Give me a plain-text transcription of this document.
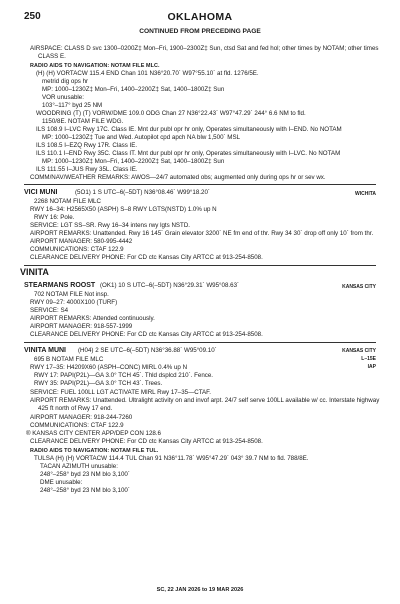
250	OKLAHOMA
CONTINUED FROM PRECEDING PAGE
AIRSPACE: CLASS D svc 1300–0200Z‡ Mon–Fri, 1900–2300Z‡ Sun, ctsd Sat and fed hol; other times by NOTAM; other times
CLASS E.
RADIO AIDS TO NAVIGATION: NOTAM FILE MLC.
(H) (H) VORTACW 115.4 END Chan 101 N36°20.70´ W97°55.10´ at fld. 1276/5E.
metrid dig ops hr
MP: 1000–1230Z‡ Mon–Fri, 1400–2200Z‡ Sat, 1400–1800Z‡ Sun
VOR unusable:
103°–117° byd 25 NM
WOODRING (T) (T) VORW/DME 109.0 ODG Chan 27 N36°22.43´ W97°47.29´ 244° 6.6 NM to fld.
1150/8E. NOTAM FILE WDG.
ILS 108.9 I–LVC Rwy 17C. Class IE. Mnt dur publ opr hr only, Operates simultaneously with I–END. No NOTAM
MP: 1000–1230Z‡ Tue and Wed. Autopilot cpd apch NA blw 1,500´ MSL
ILS 108.5 I–EZQ Rwy 17R. Class IE.
ILS 110.1 I–END Rwy 35C. Class IT. Mnt dur publ opr hr only, Operates simultaneously with I–LVC. No NOTAM
MP: 1000–1230Z‡ Mon–Fri, 1400–2200Z‡ Sat, 1400–1800Z‡ Sun
ILS 111.55 I–JUS Rwy 35L. Class IE.
COMM/NAV/WEATHER REMARKS: AWOS—24/7 automated obs; augmented only during ops hr or sev wx.
VICI MUNI	(5O1) 1 S UTC–6(–5DT) N36°08.46´ W99°18.20´	WICHITA
2268 NOTAM FILE MLC
RWY 16–34: H2565X50 (ASPH) S–8 RWY LGTS(NSTD) 1.0% up N
RWY 16: Pole.
SERVICE: LGT SS–SR. Rwy 16–34 intens rwy lgts NSTD.
AIRPORT REMARKS: Unattended. Rwy 16 145´ Grain elevator 3200´ NE fm end of thr. Rwy 34 30´ drop off only 10´ from thr.
AIRPORT MANAGER: 580-995-4442
COMMUNICATIONS: CTAF 122.9
CLEARANCE DELIVERY PHONE: For CD ctc Kansas City ARTCC at 913-254-8508.
VINITA
STEARMANS ROOST (OK1) 10 S UTC–6(–5DT) N36°29.31´ W95°08.63´	KANSAS CITY
702 NOTAM FILE Not insp.
RWY 09–27: 4000X100 (TURF)
SERVICE: S4
AIRPORT REMARKS: Attended continuously.
AIRPORT MANAGER: 918-557-1999
CLEARANCE DELIVERY PHONE: For CD ctc Kansas City ARTCC at 913-254-8508.
VINITA MUNI (H04) 2 SE UTC–6(–5DT) N36°36.88´ W95°09.10´	KANSAS CITY
L–15E
IAP
695 B NOTAM FILE MLC
RWY 17–35: H4209X60 (ASPH–CONC) MIRL 0.4% up N
RWY 17: PAPI(P2L)—GA 3.0° TCH 45´. Thld dsplcd 210´. Fence.
RWY 35: PAPI(P2L)—GA 3.0° TCH 43´. Trees.
SERVICE: FUEL 100LL LGT ACTIVATE MIRL Rwy 17–35—CTAF.
AIRPORT REMARKS: Unattended. Ultralight activity on and invof arpt. 24/7 self serve 100LL available w/ cc. Interstate highway
425 ft north of Rwy 17 end.
AIRPORT MANAGER: 918-244-7260
COMMUNICATIONS: CTAF 122.9
® KANSAS CITY CENTER APP/DEP CON 128.6
CLEARANCE DELIVERY PHONE: For CD ctc Kansas City ARTCC at 913-254-8508.
RADIO AIDS TO NAVIGATION: NOTAM FILE TUL.
TULSA (H) (H) VORTACW 114.4 TUL Chan 91 N36°11.78´ W95°47.29´ 043° 39.7 NM to fld. 788/8E.
TACAN AZIMUTH unusable:
248°–258° byd 23 NM blo 3,100´
DME unusable:
248°–258° byd 23 NM blo 3,100´
SC, 22 JAN 2026 to 19 MAR 2026
